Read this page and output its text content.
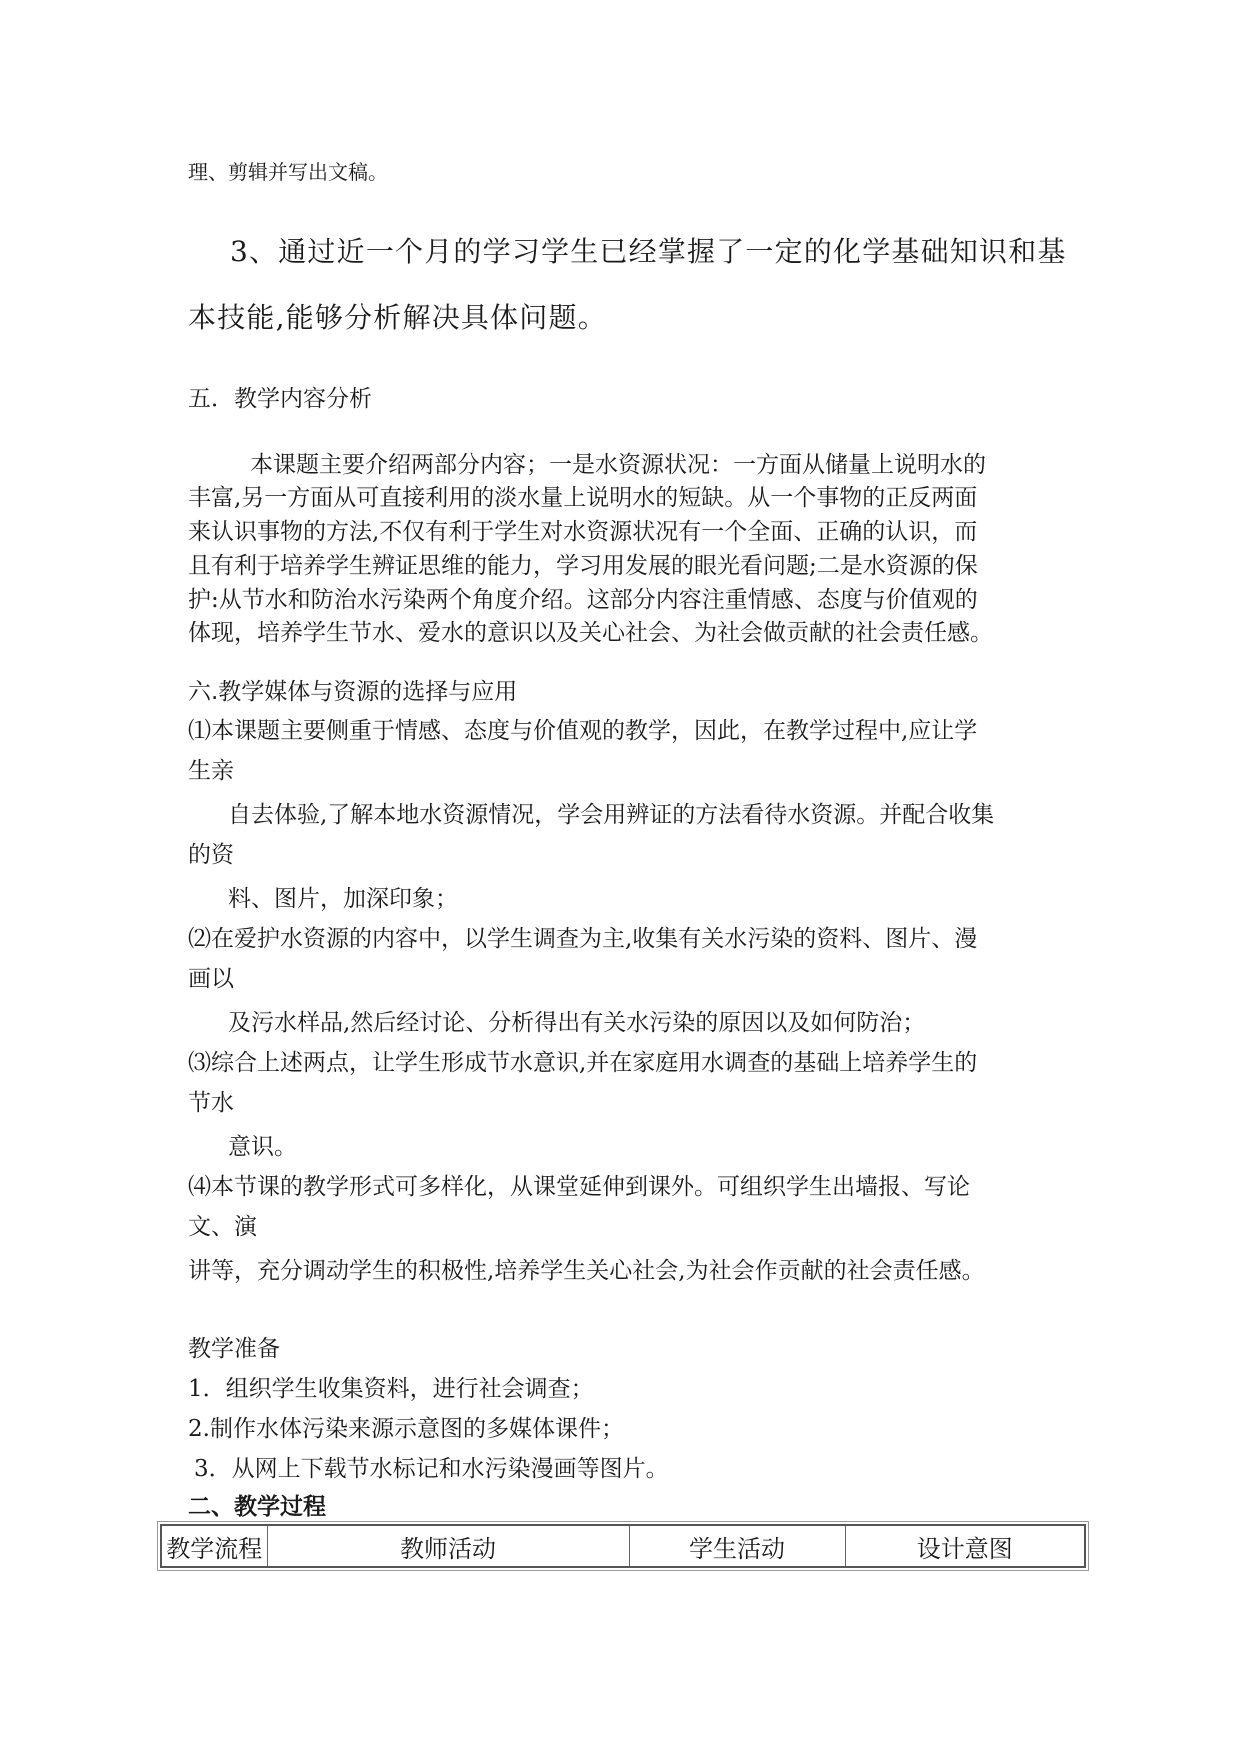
理、剪辑并写出文稿。

3、通过近一个月的学习学生已经掌握了一定的化学基础知识和基

本技能,能够分析解决具体问题。

五．教学内容分析

本课题主要介绍两部分内容；一是水资源状况：一方面从储量上说明水的

丰富,另一方面从可直接利用的淡水量上说明水的短缺。从一个事物的正反两面

来认识事物的方法,不仅有利于学生对水资源状况有一个全面、正确的认识，而

且有利于培养学生辨证思维的能力，学习用发展的眼光看问题;二是水资源的保

护:从节水和防治水污染两个角度介绍。这部分内容注重情感、态度与价值观的

体现，培养学生节水、爱水的意识以及关心社会、为社会做贡献的社会责任感。

六.教学媒体与资源的选择与应用

⑴本课题主要侧重于情感、态度与价值观的教学，因此，在教学过程中,应让学

生亲

自去体验,了解本地水资源情况，学会用辨证的方法看待水资源。并配合收集

的资

料、图片，加深印象；

⑵在爱护水资源的内容中，以学生调查为主,收集有关水污染的资料、图片、漫

画以

及污水样品,然后经讨论、分析得出有关水污染的原因以及如何防治；

⑶综合上述两点，让学生形成节水意识,并在家庭用水调查的基础上培养学生的

节水

意识。

⑷本节课的教学形式可多样化，从课堂延伸到课外。可组织学生出墙报、写论

文、演

讲等，充分调动学生的积极性,培养学生关心社会,为社会作贡献的社会责任感。

教学准备

1．组织学生收集资料，进行社会调查；

2.制作水体污染来源示意图的多媒体课件；

3．从网上下载节水标记和水污染漫画等图片。

二、教学过程

教学流程	教师活动	学生活动	设计意图
